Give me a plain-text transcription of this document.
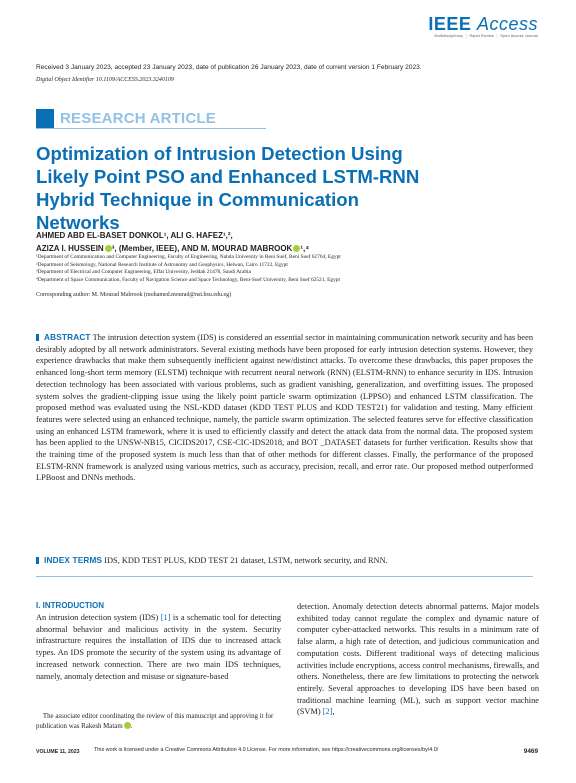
IEEE Access
Multidisciplinary ⋮ Rapid Review ⋮ Open Access Journal
Received 3 January 2023, accepted 23 January 2023, date of publication 26 January 2023, date of current version 1 February 2023.
Digital Object Identifier 10.1109/ACCESS.2023.3240109
RESEARCH ARTICLE
Optimization of Intrusion Detection Using Likely Point PSO and Enhanced LSTM-RNN Hybrid Technique in Communication Networks
AHMED ABD EL-BASET DONKOL¹, ALI G. HAFEZ¹,²,
AZIZA I. HUSSEIN ³, (Member, IEEE), AND M. MOURAD MABROOK ¹,⁴
¹Department of Communication and Computer Engineering, Faculty of Engineering, Nahda University in Beni Suef, Beni Suef 62764, Egypt
²Department of Seismology, National Research Institute of Astronomy and Geophysics, Helwan, Cairo 11722, Egypt
³Department of Electrical and Computer Engineering, Effat University, Jeddah 21478, Saudi Arabia
⁴Department of Space Communication, Faculty of Navigation Science and Space Technology, Beni-Suef University, Beni Suef 62521, Egypt
Corresponding author: M. Mourad Mabrook (mohamed.mourad@nst.bsu.edu.eg)
ABSTRACT The intrusion detection system (IDS) is considered an essential sector in maintaining communication network security and has been desirably adopted by all network administrators. Several existing methods have been proposed for early intrusion detection systems. However, they experience drawbacks that make them subsequently inefficient against new/distinct attacks. To overcome these drawbacks, this paper proposes the enhanced long-short term memory (ELSTM) technique with recurrent neural network (RNN) (ELSTM-RNN) to enhance security in IDS. Intrusion detection technology has been associated with various problems, such as gradient vanishing, generalization, and overfitting issues. The proposed system solves the gradient-clipping issue using the likely point particle swarm optimization (LPPSO) and enhanced LSTM classification. The proposed method was evaluated using the NSL-KDD dataset (KDD TEST PLUS and KDD TEST21) for validation and testing. Many efficient features were selected using an enhanced technique, namely, the particle swarm optimization. The selected features serve for effective classification using an enhanced LSTM framework, where it is used to efficiently classify and detect the attack data from the normal data. The proposed system has been applied to the UNSW-NB15, CICIDS2017, CSE-CIC-IDS2018, and BOT _DATASET datasets for further verification. Results show that the training time of the proposed system is much less than that of other methods for different classes. Finally, the performance of the proposed ELSTM-RNN framework is analyzed using various metrics, such as accuracy, precision, recall, and error rate. Our proposed method outperformed LPBoost and DNNs methods.
INDEX TERMS IDS, KDD TEST PLUS, KDD TEST 21 dataset, LSTM, network security, and RNN.
I. INTRODUCTION
An intrusion detection system (IDS) [1] is a schematic tool for detecting abnormal behavior and malicious activity in the system. Security infrastructure requires the installation of IDS due to increased attack types. An IDS promote the security of the system using its advantage of increased network connection. There are two main IDS techniques, namely, anomaly detection and misuse or signature-based
detection. Anomaly detection detects abnormal patterns. Major models exhibited today cannot regulate the complex and dynamic nature of computer cyber-attacked networks. This results in a minimum rate of false alarm, a high rate of detection, and judicious communication and computation costs. Different traditional ways of detecting malicious activities include encryptions, access control mechanisms, firewalls, and others. Nonetheless, there are few limitations to protecting the network entirely. Several approaches to developing IDS have been based on traditional machine learning (ML), such as support vector machine (SVM) [2],
The associate editor coordinating the review of this manuscript and approving it for publication was Rakesh Matam .
VOLUME 11, 2023	This work is licensed under a Creative Commons Attribution 4.0 License. For more information, see https://creativecommons.org/licenses/by/4.0/	9469
